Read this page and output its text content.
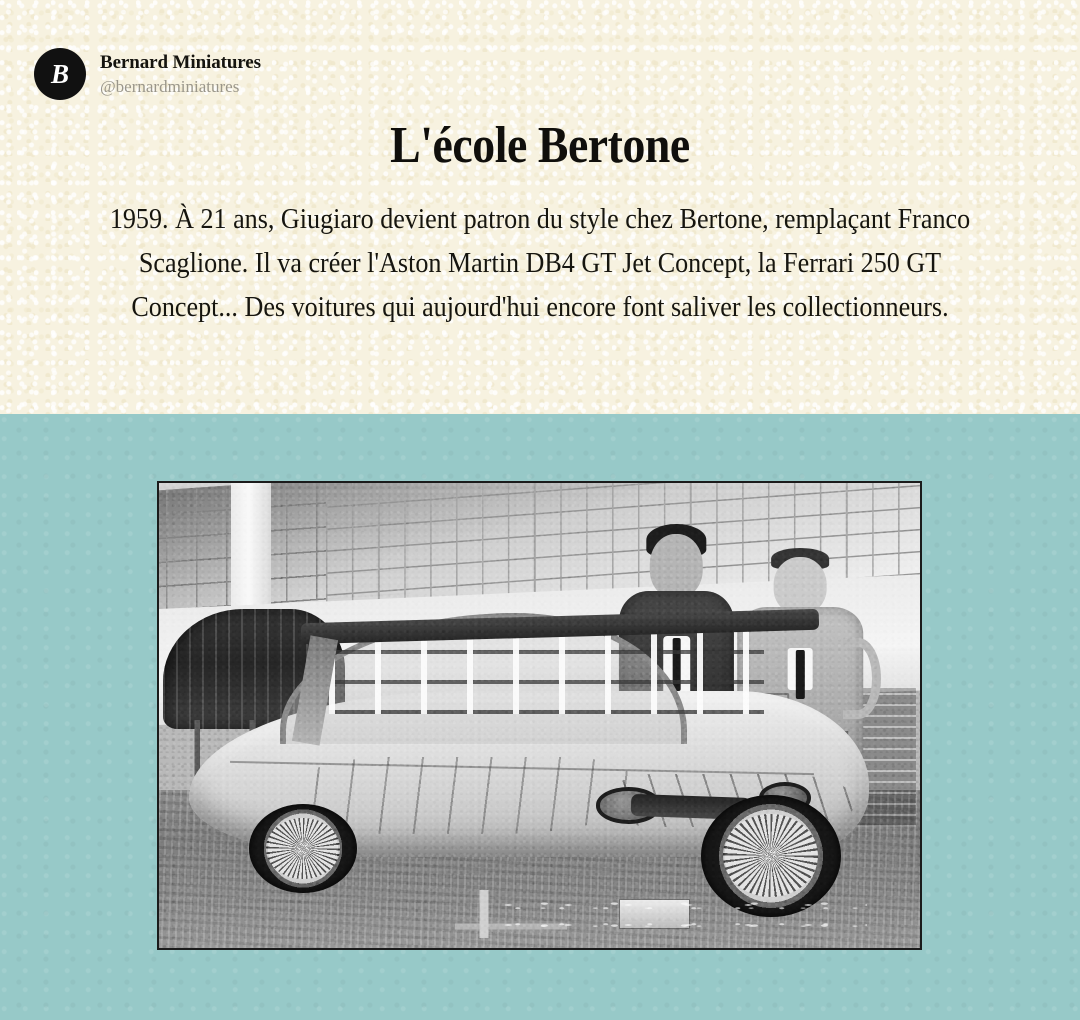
B	Bernard Miniatures
@bernardminiatures
L'école Bertone
1959. À 21 ans, Giugiaro devient patron du style chez Bertone, remplaçant Franco Scaglione. Il va créer l'Aston Martin DB4 GT Jet Concept, la Ferrari 250 GT Concept... Des voitures qui aujourd'hui encore font saliver les collectionneurs.
